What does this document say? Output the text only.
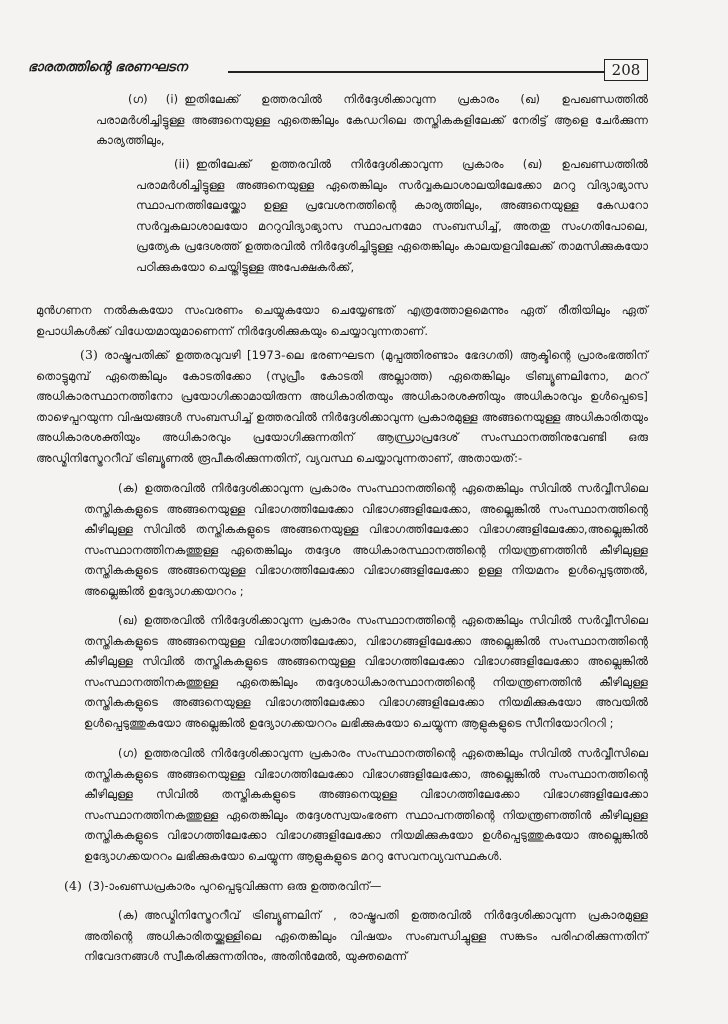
ഭാരതത്തിന്റെ ഭരണഘടന	208
(ഗ) (i) ഇതിലേക്ക് ഉത്തരവിൽ നിർദ്ദേശിക്കാവുന്ന പ്രകാരം (ഖ) ഉപഖണ്ഡത്തിൽ പരാമർശിച്ചിട്ടുള്ള അങ്ങനെയുള്ള ഏതെങ്കിലും കേഡറിലെ തസ്തികകളിലേക്ക് നേരിട്ട് ആളെ ചേർക്കുന്ന കാര്യത്തിലും,
(ii) ഇതിലേക്ക് ഉത്തരവിൽ നിർദ്ദേശിക്കാവുന്ന പ്രകാരം (ഖ) ഉപഖണ്ഡത്തിൽ പരാമർശിച്ചിട്ടുള്ള അങ്ങനെയുള്ള ഏതെങ്കിലും സർവ്വകലാശാലയിലേക്കോ മററു വിദ്യാഭ്യാസ സ്ഥാപനത്തിലേയ്ക്കോ ഉള്ള പ്രവേശനത്തിന്റെ കാര്യത്തിലും, അങ്ങനെയുള്ള കേഡറോ സർവ്വകലാശാലയോ മററുവിദ്യാഭ്യാസ സ്ഥാപനമോ സംബന്ധിച്ച്, അതതു സംഗതിപോലെ, പ്രത്യേക പ്രദേശത്ത് ഉത്തരവിൽ നിർദ്ദേശിച്ചിട്ടുള്ള ഏതെങ്കിലും കാലയളവിലേക്ക് താമസിക്കുകയോ പഠിക്കുകയോ ചെയ്തിട്ടുള്ള അപേക്ഷകർക്ക്,
മുൻഗണന നൽകുകയോ സംവരണം ചെയ്യുകയോ ചെയ്യേണ്ടത് എത്രത്തോളമെന്നും ഏത് രീതിയിലും ഏത് ഉപാധികൾക്ക് വിധേയമായുമാണെന്ന് നിർദ്ദേശിക്കുകയും ചെയ്യാവുന്നതാണ്.
(3) രാഷ്ട്രപതിക്ക് ഉത്തരവുവഴി [1973-ലെ ഭരണഘടന (മുപ്പത്തിരണ്ടാം ഭേദഗതി) ആക്ടിന്റെ പ്രാരംഭത്തിന് തൊട്ടുമുമ്പ് ഏതെങ്കിലും കോടതിക്കോ (സുപ്രീം കോടതി അല്ലാത്ത) ഏതെങ്കിലും ട്രിബ്യൂണലിനോ, മററ് അധികാരസ്ഥാനത്തിനോ പ്രയോഗിക്കാമായിരുന്ന അധികാരിതയും അധികാരശക്തിയും അധികാരവും ഉൾപ്പെടെ] താഴെപ്പറയുന്ന വിഷയങ്ങൾ സംബന്ധിച്ച് ഉത്തരവിൽ നിർദ്ദേശിക്കാവുന്ന പ്രകാരമുള്ള അങ്ങനെയുള്ള അധികാരിതയും അധികാരശക്തിയും അധികാരവും പ്രയോഗിക്കുന്നതിന് ആന്ധ്രാപ്രദേശ് സംസ്ഥാനത്തിനുവേണ്ടി ഒരു അഡ്മിനിസ്ട്രേററീവ് ട്രിബ്യൂണൽ രൂപീകരിക്കുന്നതിന്, വ്യവസ്ഥ ചെയ്യാവുന്നതാണ്, അതായത്:-
(ക) ഉത്തരവിൽ നിർദ്ദേശിക്കാവുന്ന പ്രകാരം സംസ്ഥാനത്തിന്റെ ഏതെങ്കിലും സിവിൽ സർവ്വീസിലെ തസ്തികകളുടെ അങ്ങനെയുള്ള വിഭാഗത്തിലേക്കോ വിഭാഗങ്ങളിലേക്കോ, അല്ലെങ്കിൽ സംസ്ഥാനത്തിന്റെ കീഴിലുള്ള സിവിൽ തസ്തികകളുടെ അങ്ങനെയുള്ള വിഭാഗത്തിലേക്കോ വിഭാഗങ്ങളിലേക്കോ,അല്ലെങ്കിൽ സംസ്ഥാനത്തിനകത്തുള്ള ഏതെങ്കിലും തദ്ദേശ അധികാരസ്ഥാനത്തിന്റെ നിയന്ത്രണത്തിൻ കീഴിലുള്ള തസ്തികകളുടെ അങ്ങനെയുള്ള വിഭാഗത്തിലേക്കോ വിഭാഗങ്ങളിലേക്കോ ഉള്ള നിയമനം ഉൾപ്പെടുത്തൽ, അല്ലെങ്കിൽ ഉദ്യോഗക്കയററം ;
(ഖ) ഉത്തരവിൽ നിർദ്ദേശിക്കാവുന്ന പ്രകാരം സംസ്ഥാനത്തിന്റെ ഏതെങ്കിലും സിവിൽ സർവ്വീസിലെ തസ്തികകളുടെ അങ്ങനെയുള്ള വിഭാഗത്തിലേക്കോ, വിഭാഗങ്ങളിലേക്കോ അല്ലെങ്കിൽ സംസ്ഥാനത്തിന്റെ കീഴിലുള്ള സിവിൽ തസ്തികകളുടെ അങ്ങനെയുള്ള വിഭാഗത്തിലേക്കോ വിഭാഗങ്ങളിലേക്കോ അല്ലെങ്കിൽ സംസ്ഥാനത്തിനകത്തുള്ള ഏതെങ്കിലും തദ്ദേശാധികാരസ്ഥാനത്തിന്റെ നിയന്ത്രണത്തിൻ കീഴിലുള്ള തസ്തികകളുടെ അങ്ങനെയുള്ള വിഭാഗത്തിലേക്കോ വിഭാഗങ്ങളിലേക്കോ നിയമിക്കുകയോ അവയിൽ ഉൾപ്പെടുത്തുകയോ അല്ലെങ്കിൽ ഉദ്യോഗക്കയററം ലഭിക്കുകയോ ചെയ്യുന്ന ആളുകളുടെ സീനിയോറിററി ;
(ഗ) ഉത്തരവിൽ നിർദ്ദേശിക്കാവുന്ന പ്രകാരം സംസ്ഥാനത്തിന്റെ ഏതെങ്കിലും സിവിൽ സർവ്വീസിലെ തസ്തികകളുടെ അങ്ങനെയുള്ള വിഭാഗത്തിലേക്കോ വിഭാഗങ്ങളിലേക്കോ, അല്ലെങ്കിൽ സംസ്ഥാനത്തിന്റെ കീഴിലുള്ള സിവിൽ തസ്തികകളുടെ അങ്ങനെയുള്ള വിഭാഗത്തിലേക്കോ വിഭാഗങ്ങളിലേക്കോ സംസ്ഥാനത്തിനകത്തുള്ള ഏതെങ്കിലും തദ്ദേശസ്വയംഭരണ സ്ഥാപനത്തിന്റെ നിയന്ത്രണത്തിൻ കീഴിലുള്ള തസ്തികകളുടെ വിഭാഗത്തിലേക്കോ വിഭാഗങ്ങളിലേക്കോ നിയമിക്കുകയോ ഉൾപ്പെടുത്തുകയോ അല്ലെങ്കിൽ ഉദ്യോഗക്കയററം ലഭിക്കുകയോ ചെയ്യുന്ന ആളുകളുടെ മററു സേവനവ്യവസ്ഥകൾ.
(4) (3)-ാംഖണ്ഡപ്രകാരം പുറപ്പെടുവിക്കുന്ന ഒരു ഉത്തരവിന്—
(ക) അഡ്മിനിസ്ട്രേററീവ് ട്രിബ്യൂണലിന് , രാഷ്ട്രപതി ഉത്തരവിൽ നിർദ്ദേശിക്കാവുന്ന പ്രകാരമുള്ള അതിന്റെ അധികാരിതയ്ക്കുള്ളിലെ ഏതെങ്കിലും വിഷയം സംബന്ധിച്ചുള്ള സങ്കടം പരിഹരിക്കുന്നതിന് നിവേദനങ്ങൾ സ്വീകരിക്കുന്നതിനും, അതിൻമേൽ, യുക്തമെന്ന്
